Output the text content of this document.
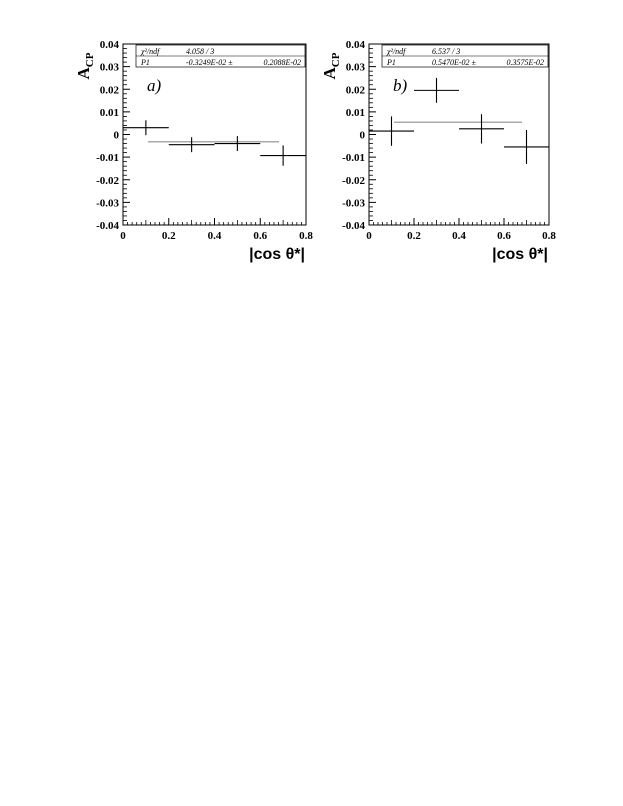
0.04
0.03
0.02
0.01
0
-0.01
-0.02
-0.03
-0.04
0	0.2	0.4	0.6	0.8
$A_{CP}$
|cos θ*|
a)
χ²/ndf	4.058 / 3
P1	-0.3249E-02 ±	0.2088E-02
0.04
0.03
0.02
0.01
0
-0.01
-0.02
-0.03
-0.04
0	0.2	0.4	0.6	0.8
$A_{CP}$
|cos θ*|
b)
χ²/ndf	6.537 / 3
P1	0.5470E-02 ±	0.3575E-02
